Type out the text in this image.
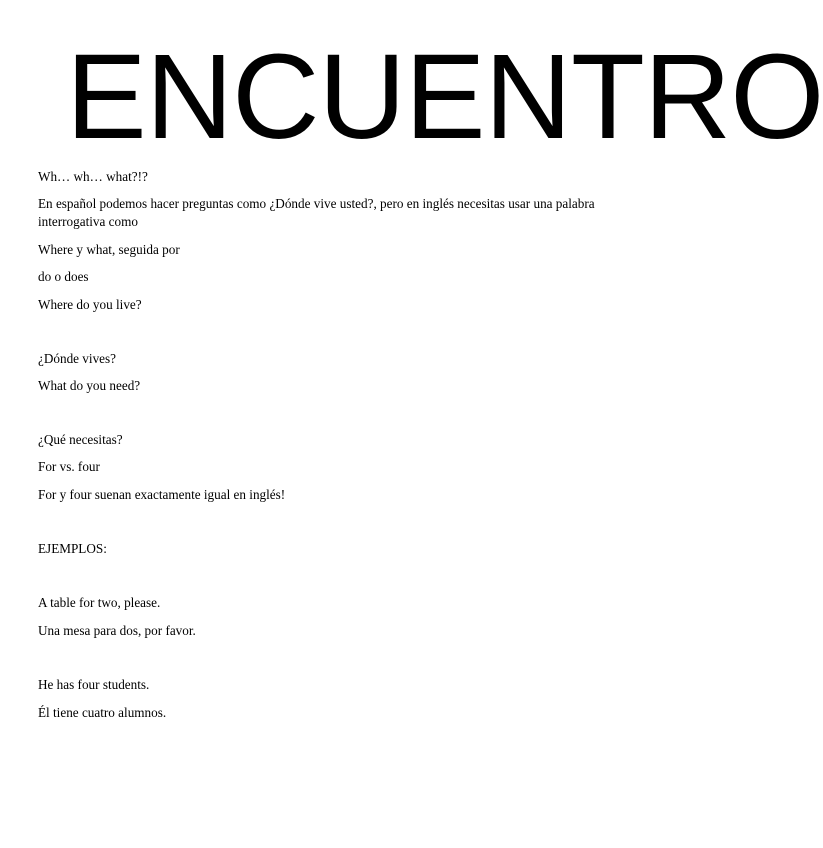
ENCUENTRO

Wh… wh… what?!?

En español podemos hacer preguntas como ¿Dónde vive usted?, pero en inglés necesitas usar una palabra interrogativa como

Where y what, seguida por

do o does

Where do you live?

¿Dónde vives?

What do you need?

¿Qué necesitas?

For vs. four

For y four suenan exactamente igual en inglés!

EJEMPLOS:

A table for two, please.

Una mesa para dos, por favor.

He has four students.

Él tiene cuatro alumnos.
